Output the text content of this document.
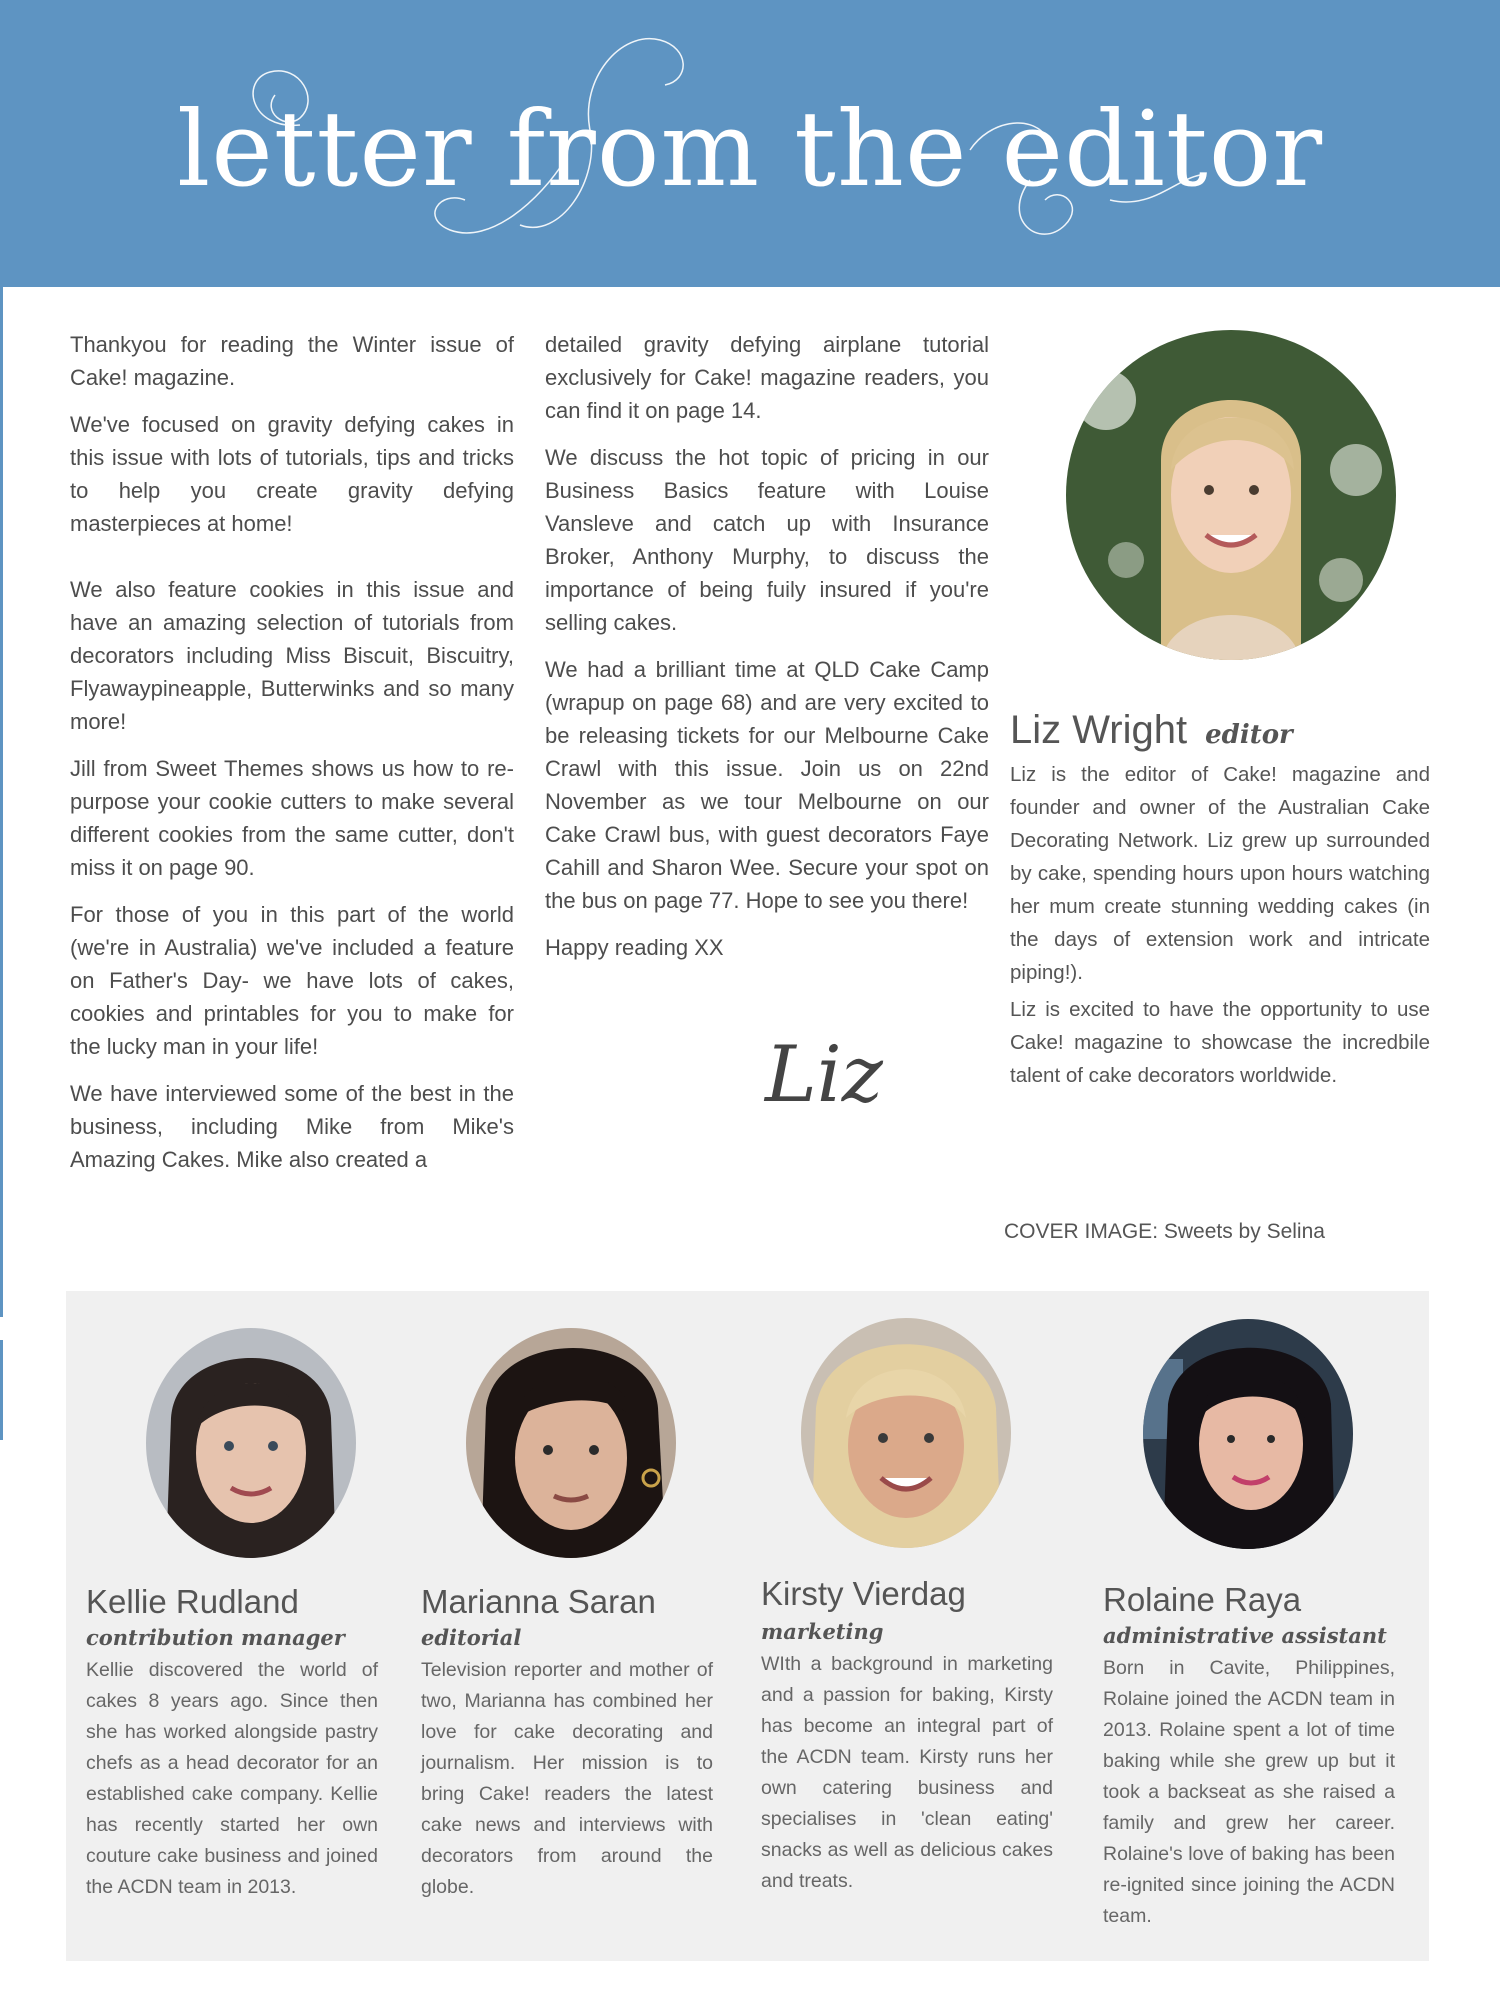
letter from the editor

Thankyou for reading the Winter issue of Cake! magazine.

We've focused on gravity defying cakes in this issue with lots of tutorials, tips and tricks to help you create gravity defying masterpieces at home!

We also feature cookies in this issue and have an amazing selection of tutorials from decorators including Miss Biscuit, Biscuitry, Flyawaypineapple, Butterwinks and so many more!

Jill from Sweet Themes shows us how to re-purpose your cookie cutters to make several different cookies from the same cutter, don't miss it on page 90.

For those of you in this part of the world (we're in Australia) we've included a feature on Father's Day- we have lots of cakes, cookies and printables for you to make for the lucky man in your life!

We have interviewed some of the best in the business, including Mike from Mike's Amazing Cakes. Mike also created a

detailed gravity defying airplane tutorial exclusively for Cake! magazine readers, you can find it on page 14.

We discuss the hot topic of pricing in our Business Basics feature with Louise Vansleve and catch up with Insurance Broker, Anthony Murphy, to discuss the importance of being fuily insured if you're selling cakes.

We had a brilliant time at QLD Cake Camp (wrapup on page 68) and are very excited to be releasing tickets for our Melbourne Cake Crawl with this issue. Join us on 22nd November as we tour Melbourne on our Cake Crawl bus, with guest decorators Faye Cahill and Sharon Wee. Secure your spot on the bus on page 77. Hope to see you there!

Happy reading XX

Liz
Liz Wright editor

Liz is the editor of Cake! magazine and founder and owner of the Australian Cake Decorating Network. Liz grew up surrounded by cake, spending hours upon hours watching her mum create stunning wedding cakes (in the days of extension work and intricate piping!).

Liz is excited to have the opportunity to use Cake! magazine to showcase the incredbile talent of cake decorators worldwide.

COVER IMAGE: Sweets by Selina
Kellie Rudland
contribution manager
Kellie discovered the world of cakes 8 years ago. Since then she has worked alongside pastry chefs as a head decorator for an established cake company. Kellie has recently started her own couture cake business and joined the ACDN team in 2013.
Marianna Saran
editorial
Television reporter and mother of two, Marianna has combined her love for cake decorating and journalism. Her mission is to bring Cake! readers the latest cake news and interviews with decorators from around the globe.
Kirsty Vierdag
marketing
WIth a background in marketing and a passion for baking, Kirsty has become an integral part of the ACDN team. Kirsty runs her own catering business and specialises in 'clean eating' snacks as well as delicious cakes and treats.
Rolaine Raya
administrative assistant
Born in Cavite, Philippines, Rolaine joined the ACDN team in 2013. Rolaine spent a lot of time baking while she grew up but it took a backseat as she raised a family and grew her career. Rolaine's love of baking has been re-ignited since joining the ACDN team.
